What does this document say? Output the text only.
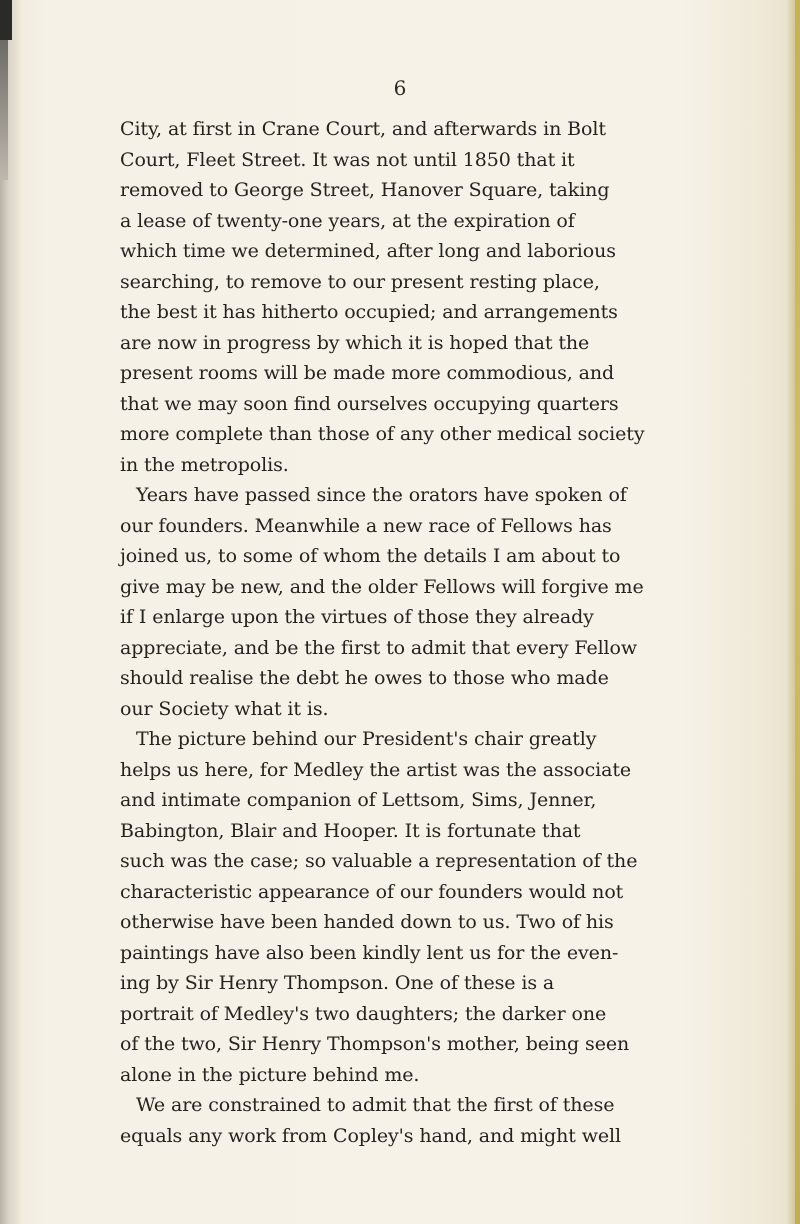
6
City, at first in Crane Court, and afterwards in Bolt
Court, Fleet Street. It was not until 1850 that it
removed to George Street, Hanover Square, taking
a lease of twenty-one years, at the expiration of
which time we determined, after long and laborious
searching, to remove to our present resting place,
the best it has hitherto occupied; and arrangements
are now in progress by which it is hoped that the
present rooms will be made more commodious, and
that we may soon find ourselves occupying quarters
more complete than those of any other medical society
in the metropolis.
Years have passed since the orators have spoken of
our founders. Meanwhile a new race of Fellows has
joined us, to some of whom the details I am about to
give may be new, and the older Fellows will forgive me
if I enlarge upon the virtues of those they already
appreciate, and be the first to admit that every Fellow
should realise the debt he owes to those who made
our Society what it is.
The picture behind our President's chair greatly
helps us here, for Medley the artist was the associate
and intimate companion of Lettsom, Sims, Jenner,
Babington, Blair and Hooper. It is fortunate that
such was the case; so valuable a representation of the
characteristic appearance of our founders would not
otherwise have been handed down to us. Two of his
paintings have also been kindly lent us for the even-
ing by Sir Henry Thompson. One of these is a
portrait of Medley's two daughters; the darker one
of the two, Sir Henry Thompson's mother, being seen
alone in the picture behind me.
We are constrained to admit that the first of these
equals any work from Copley's hand, and might well
